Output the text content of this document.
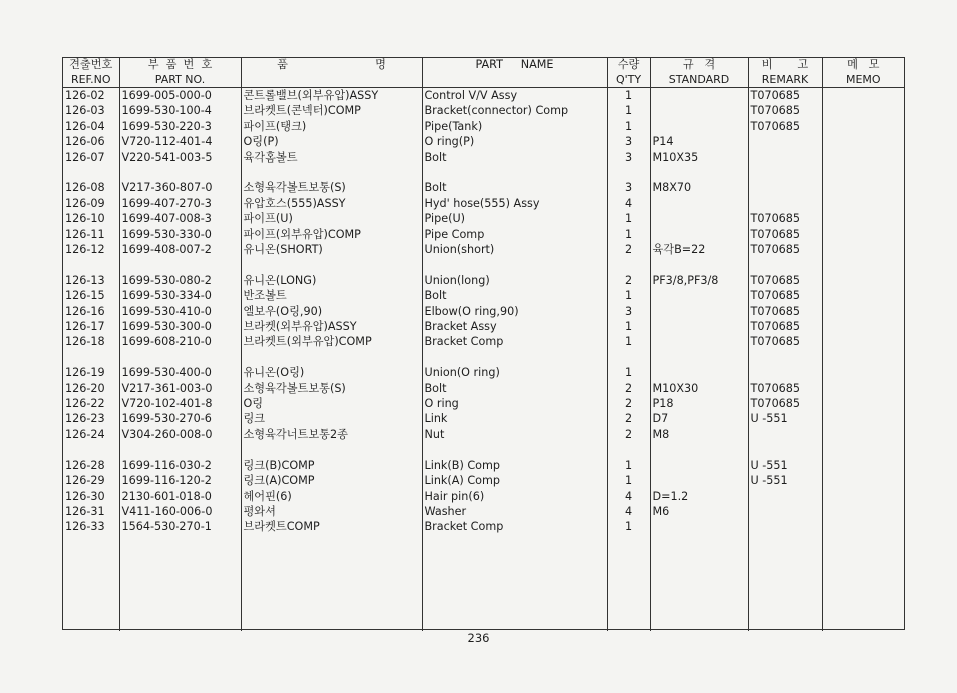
견출번호	부  품  번  호	품 명	PART     NAME	수량	규   격	비       고	메   모
REF.NO	PART NO.			Q'TY	STANDARD	REMARK	MEMO
126-02	1699-005-000-0	콘트롤밸브(외부유압)ASSY	Control V/V Assy	1		T070685	
126-03	1699-530-100-4	브라켓트(콘넥터)COMP	Bracket(connector) Comp	1		T070685	
126-04	1699-530-220-3	파이프(탱크)	Pipe(Tank)	1		T070685	
126-06	V720-112-401-4	O링(P)	O ring(P)	3	P14		
126-07	V220-541-003-5	육각홈볼트	Bolt	3	M10X35		

126-08	V217-360-807-0	소형육각볼트보통(S)	Bolt	3	M8X70		
126-09	1699-407-270-3	유압호스(555)ASSY	Hyd' hose(555) Assy	4			
126-10	1699-407-008-3	파이프(U)	Pipe(U)	1		T070685	
126-11	1699-530-330-0	파이프(외부유압)COMP	Pipe Comp	1		T070685	
126-12	1699-408-007-2	유니온(SHORT)	Union(short)	2	육각B=22	T070685	

126-13	1699-530-080-2	유니온(LONG)	Union(long)	2	PF3/8,PF3/8	T070685	
126-15	1699-530-334-0	반조볼트	Bolt	1		T070685	
126-16	1699-530-410-0	엘보우(O링,90)	Elbow(O ring,90)	3		T070685	
126-17	1699-530-300-0	브라켓(외부유압)ASSY	Bracket Assy	1		T070685	
126-18	1699-608-210-0	브라켓트(외부유압)COMP	Bracket Comp	1		T070685	

126-19	1699-530-400-0	유니온(O링)	Union(O ring)	1			
126-20	V217-361-003-0	소형육각볼트보통(S)	Bolt	2	M10X30	T070685	
126-22	V720-102-401-8	O링	O ring	2	P18	T070685	
126-23	1699-530-270-6	링크	Link	2	D7	U -551	
126-24	V304-260-008-0	소형육각너트보통2종	Nut	2	M8		

126-28	1699-116-030-2	링크(B)COMP	Link(B) Comp	1		U -551	
126-29	1699-116-120-2	링크(A)COMP	Link(A) Comp	1		U -551	
126-30	2130-601-018-0	헤어핀(6)	Hair pin(6)	4	D=1.2		
126-31	V411-160-006-0	평와셔	Washer	4	M6		
126-33	1564-530-270-1	브라켓트COMP	Bracket Comp	1			

236
